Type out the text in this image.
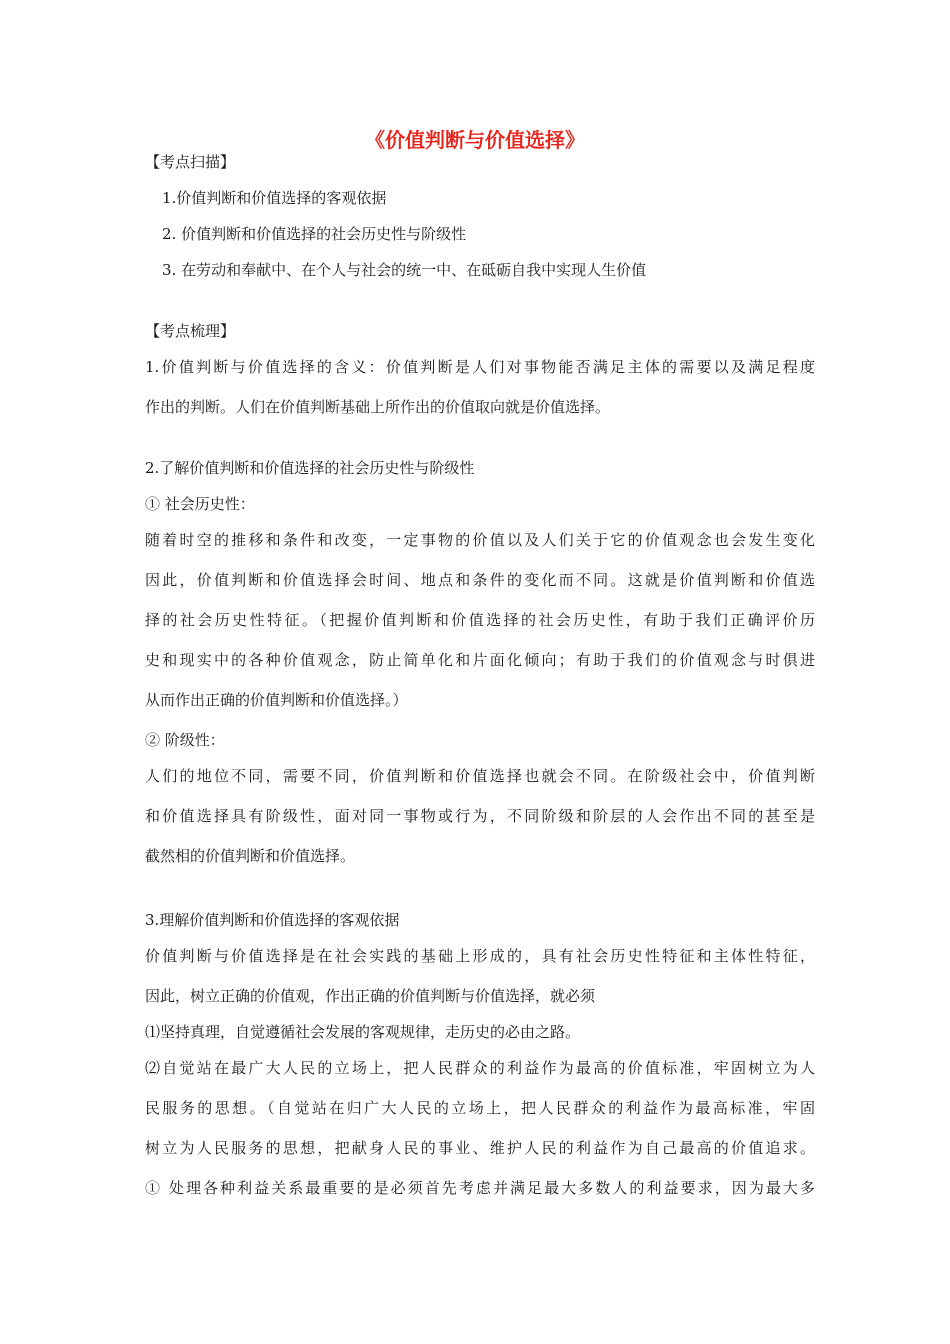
《价值判断与价值选择》
【考点扫描】
1.价值判断和价值选择的客观依据
2. 价值判断和价值选择的社会历史性与阶级性
3. 在劳动和奉献中、在个人与社会的统一中、在砥砺自我中实现人生价值
【考点梳理】
1.价值判断与价值选择的含义：价值判断是人们对事物能否满足主体的需要以及满足程度
作出的判断。人们在价值判断基础上所作出的价值取向就是价值选择。
2.了解价值判断和价值选择的社会历史性与阶级性
① 社会历史性：
随着时空的推移和条件和改变，一定事物的价值以及人们关于它的价值观念也会发生变化
因此，价值判断和价值选择会时间、地点和条件的变化而不同。这就是价值判断和价值选
择的社会历史性特征。（把握价值判断和价值选择的社会历史性，有助于我们正确评价历
史和现实中的各种价值观念，防止简单化和片面化倾向；有助于我们的价值观念与时俱进
从而作出正确的价值判断和价值选择。）
② 阶级性：
人们的地位不同，需要不同，价值判断和价值选择也就会不同。在阶级社会中，价值判断
和价值选择具有阶级性，面对同一事物或行为，不同阶级和阶层的人会作出不同的甚至是
截然相的价值判断和价值选择。
3.理解价值判断和价值选择的客观依据
价值判断与价值选择是在社会实践的基础上形成的，具有社会历史性特征和主体性特征，
因此，树立正确的价值观，作出正确的价值判断与价值选择，就必须
⑴坚持真理，自觉遵循社会发展的客观规律，走历史的必由之路。
⑵自觉站在最广大人民的立场上，把人民群众的利益作为最高的价值标准，牢固树立为人
民服务的思想。（自觉站在归广大人民的立场上，把人民群众的利益作为最高标准，牢固
树立为人民服务的思想，把献身人民的事业、维护人民的利益作为自己最高的价值追求。
① 处理各种利益关系最重要的是必须首先考虑并满足最大多数人的利益要求，因为最大多
